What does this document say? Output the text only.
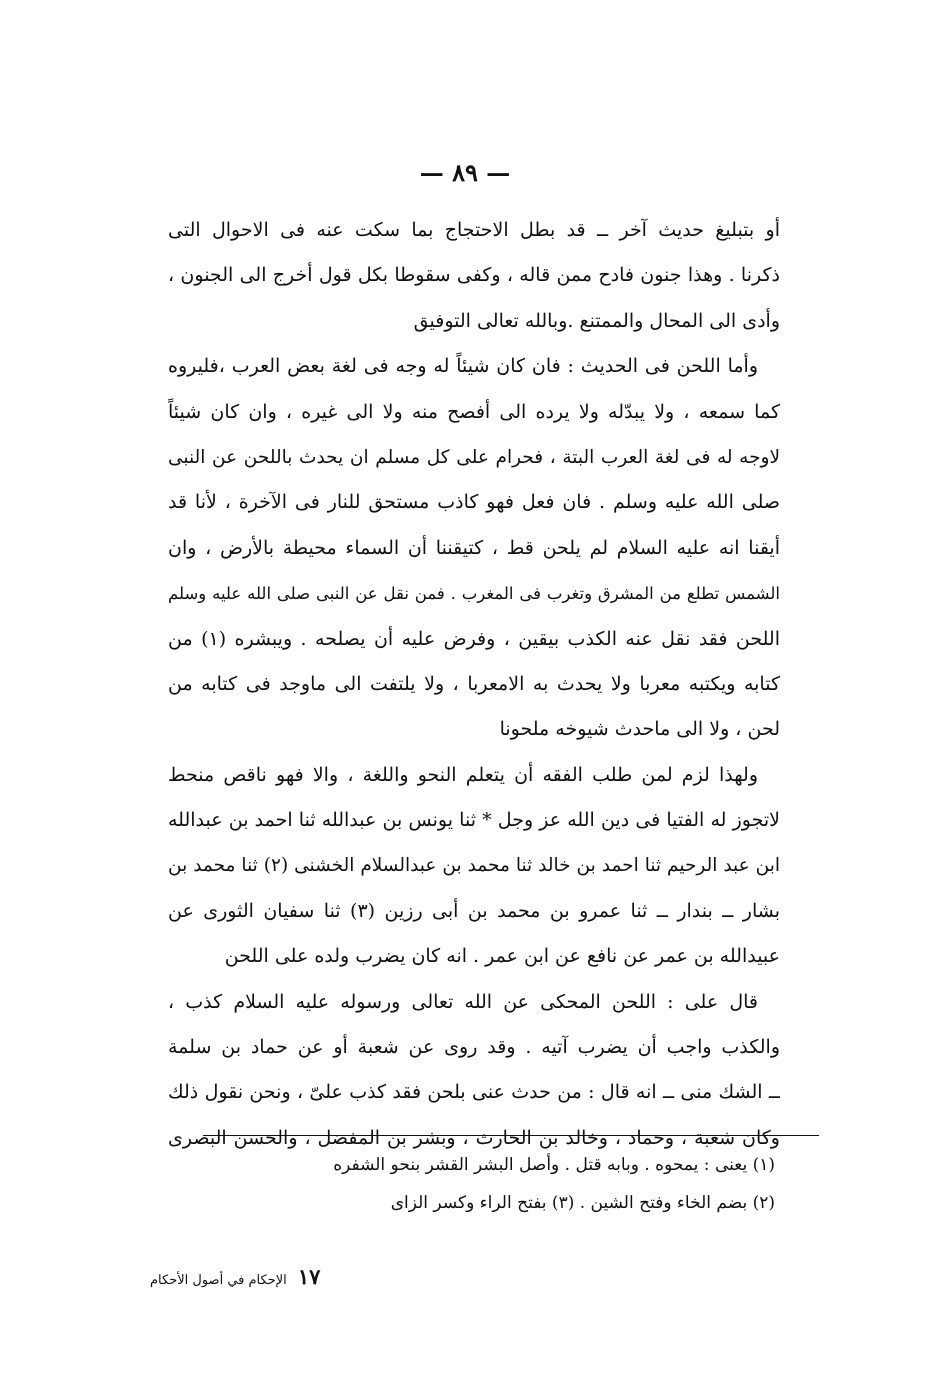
— ٨٩ —
أو بتبليغ حديث آخر ــ قد بطل الاحتجاج بما سكت عنه فى الاحوال التى
ذكرنا . وهذا جنون فادح ممن قاله ، وكفى سقوطا بكل قول أخرج الى الجنون ،
وأدى الى المحال والممتنع .وبالله تعالى التوفيق
وأما اللحن فى الحديث : فان كان شيئاً له وجه فى لغة بعض العرب ،فليروه
كما سمعه ، ولا يبدّله ولا يرده الى أفصح منه ولا الى غيره ، وان كان شيئاً
لاوجه له فى لغة العرب البتة ، فحرام على كل مسلم ان يحدث باللحن عن النبى
صلى الله عليه وسلم . فان فعل فهو كاذب مستحق للنار فى الآخرة ، لأنا قد
أيقنا انه عليه السلام لم يلحن قط ، كتيقننا أن السماء محيطة بالأرض ، وان
الشمس تطلع من المشرق وتغرب فى المغرب . فمن نقل عن النبى صلى الله عليه وسلم
اللحن فقد نقل عنه الكذب بيقين ، وفرض عليه أن يصلحه . ويبشره (١) من
كتابه ويكتبه معربا ولا يحدث به الامعربا ، ولا يلتفت الى ماوجد فى كتابه من
لحن ، ولا الى ماحدث شيوخه ملحونا
ولهذا لزم لمن طلب الفقه أن يتعلم النحو واللغة ، والا فهو ناقص منحط
لاتجوز له الفتيا فى دين الله عز وجل * ثنا يونس بن عبدالله ثنا احمد بن عبدالله
ابن عبد الرحيم ثنا احمد بن خالد ثنا محمد بن عبدالسلام الخشنى (٢) ثنا محمد بن
بشار ــ بندار ــ ثنا عمرو بن محمد بن أبى رزين (٣) ثنا سفيان الثورى عن
عبيدالله بن عمر عن نافع عن ابن عمر . انه كان يضرب ولده على اللحن
قال على : اللحن المحكى عن الله تعالى ورسوله عليه السلام كذب ،
والكذب واجب أن يضرب آتيه . وقد روى عن شعبة أو عن حماد بن سلمة
ــ الشك منى ــ انه قال : من حدث عنى بلحن فقد كذب علىّ ، ونحن نقول ذلك
وكان شعبة ، وحماد ، وخالد بن الحارث ، وبشر بن المفضل ، والحسن البصرى
(١) يعنى : يمحوه . وبابه قتل . وأصل البشر القشر بنحو الشفره
(٢) بضم الخاء وفتح الشين . (٣) بفتح الراء وكسر الزاى
١٧ الإحكام في أصول الأحكام
